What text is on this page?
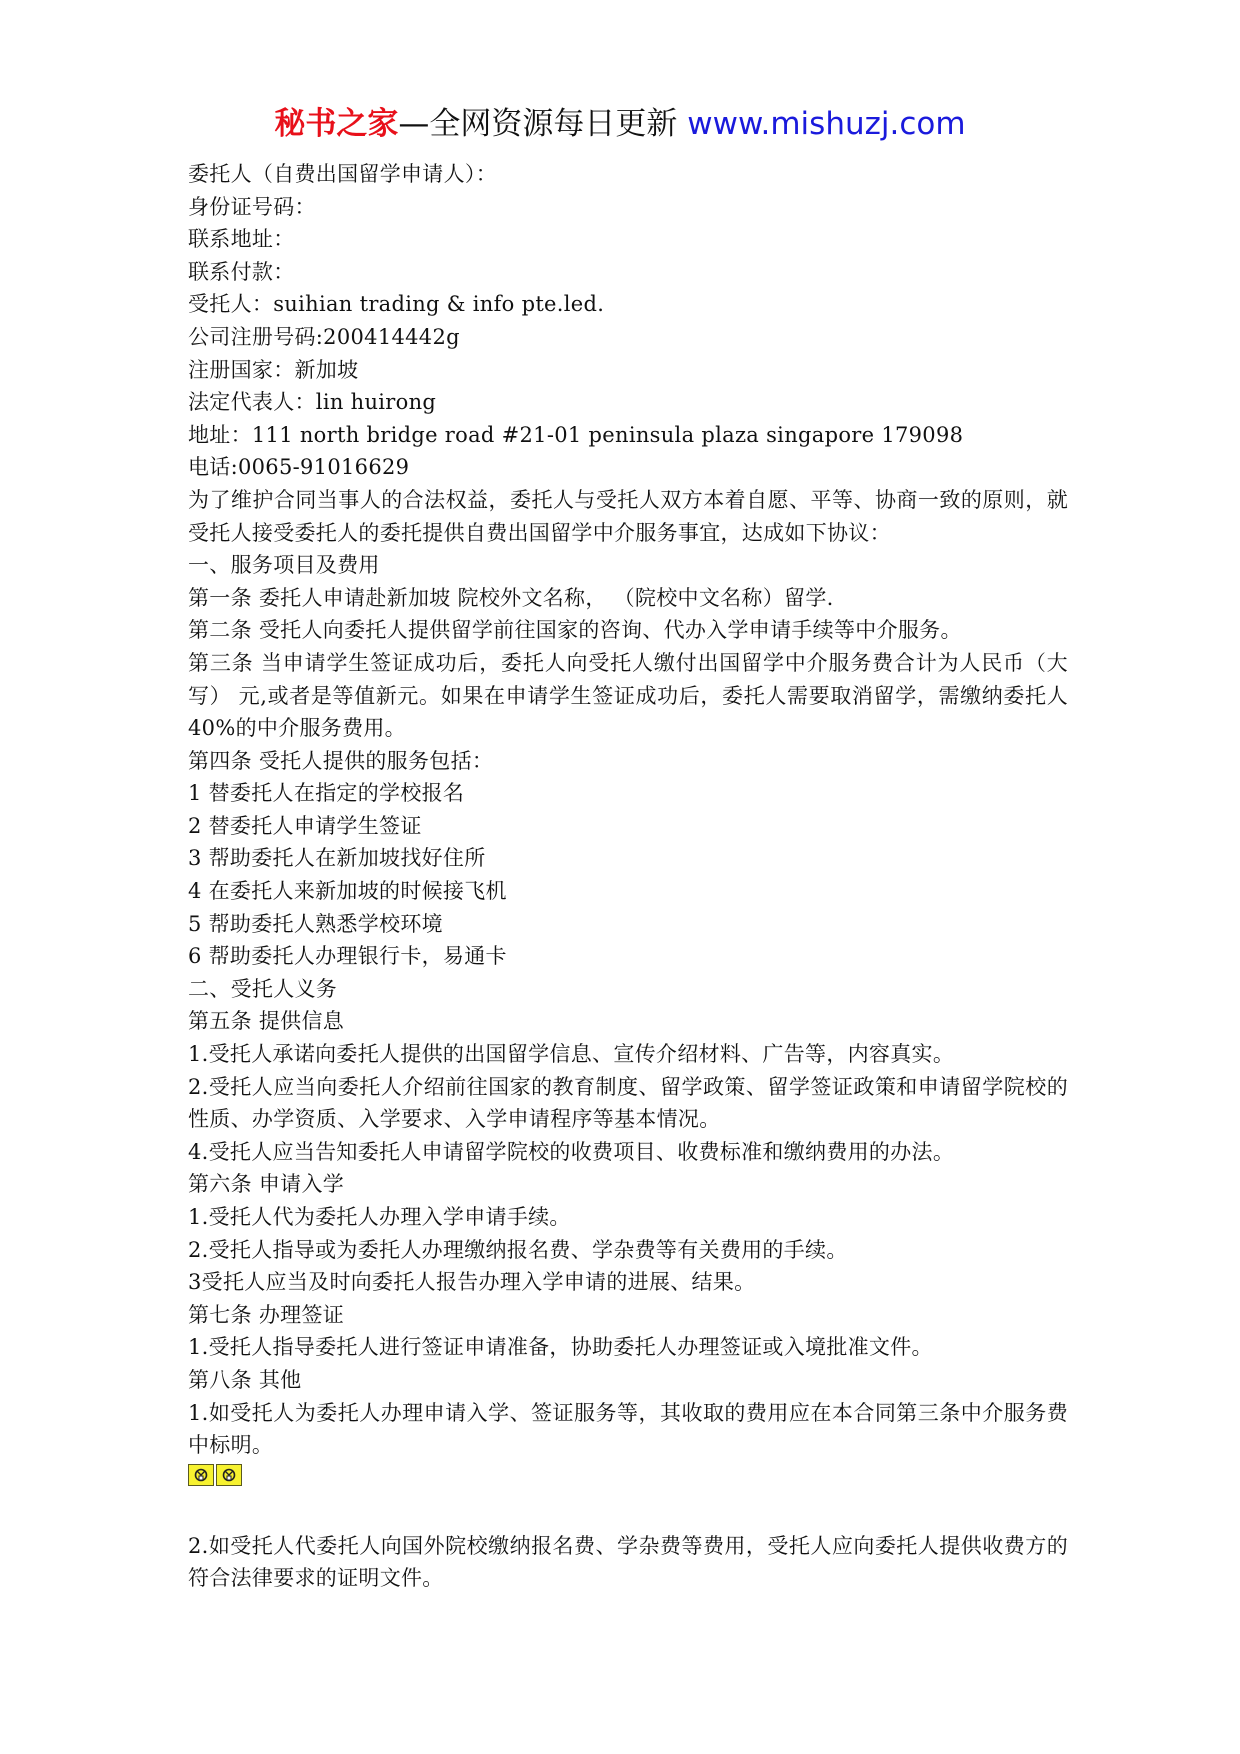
秘书之家—全网资源每日更新 www.mishuzj.com
委托人（自费出国留学申请人）：
身份证号码：
联系地址：
联系付款：
受托人：suihian trading & info pte.led.
公司注册号码:200414442g
注册国家：新加坡
法定代表人：lin huirong
地址：111 north bridge road #21-01 peninsula plaza singapore 179098
电话:0065-91016629
为了维护合同当事人的合法权益，委托人与受托人双方本着自愿、平等、协商一致的原则，就受托人接受委托人的委托提供自费出国留学中介服务事宜，达成如下协议：
一、服务项目及费用
第一条 委托人申请赴新加坡 院校外文名称， （院校中文名称）留学.
第二条 受托人向委托人提供留学前往国家的咨询、代办入学申请手续等中介服务。
第三条 当申请学生签证成功后，委托人向受托人缴付出国留学中介服务费合计为人民币（大写） 元,或者是等值新元。如果在申请学生签证成功后，委托人需要取消留学，需缴纳委托人 40%的中介服务费用。
第四条 受托人提供的服务包括：
1 替委托人在指定的学校报名
2 替委托人申请学生签证
3 帮助委托人在新加坡找好住所
4 在委托人来新加坡的时候接飞机
5 帮助委托人熟悉学校环境
6 帮助委托人办理银行卡，易通卡
二、受托人义务
第五条 提供信息
1.受托人承诺向委托人提供的出国留学信息、宣传介绍材料、广告等，内容真实。
2.受托人应当向委托人介绍前往国家的教育制度、留学政策、留学签证政策和申请留学院校的性质、办学资质、入学要求、入学申请程序等基本情况。
4.受托人应当告知委托人申请留学院校的收费项目、收费标准和缴纳费用的办法。
第六条 申请入学
1.受托人代为委托人办理入学申请手续。
2.受托人指导或为委托人办理缴纳报名费、学杂费等有关费用的手续。
3受托人应当及时向委托人报告办理入学申请的进展、结果。
第七条 办理签证
1.受托人指导委托人进行签证申请准备，协助委托人办理签证或入境批准文件。
第八条 其他
1.如受托人为委托人办理申请入学、签证服务等，其收取的费用应在本合同第三条中介服务费中标明。
2.如受托人代委托人向国外院校缴纳报名费、学杂费等费用，受托人应向委托人提供收费方的符合法律要求的证明文件。
